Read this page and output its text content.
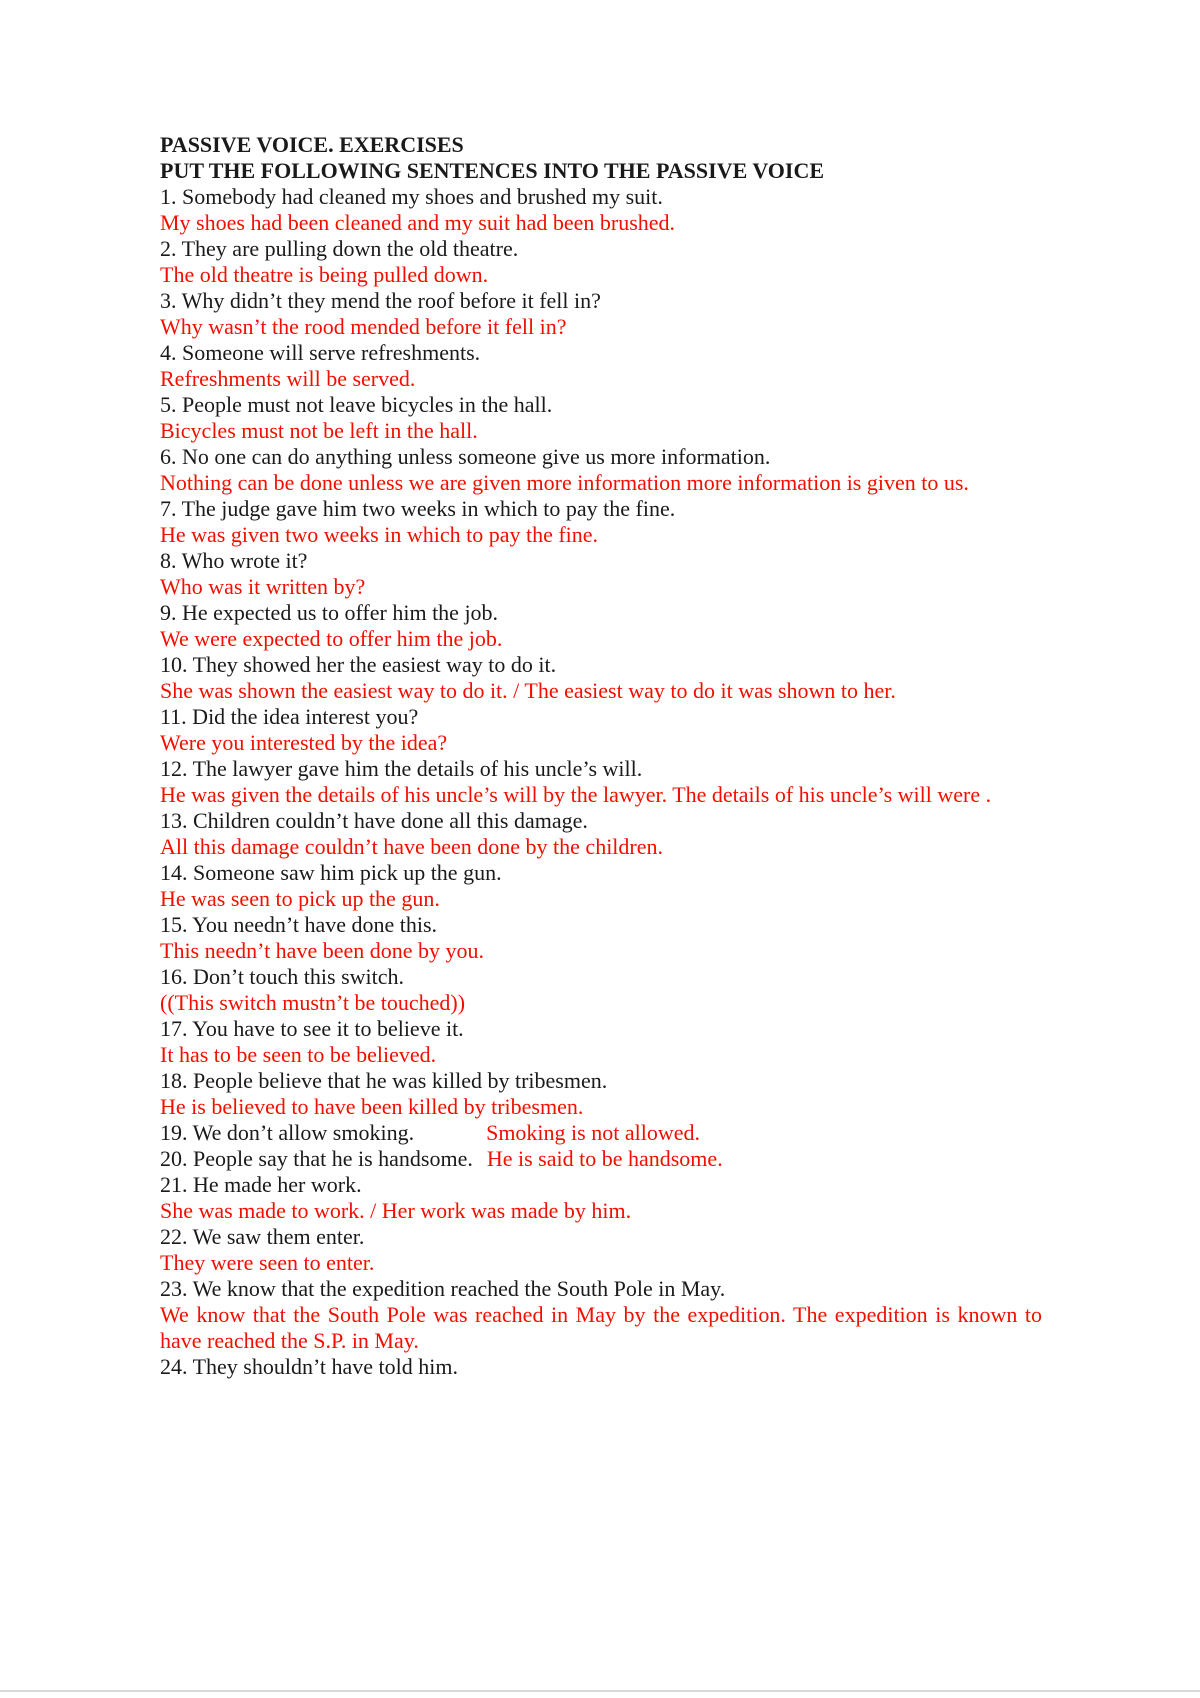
PASSIVE VOICE. EXERCISES
PUT THE FOLLOWING SENTENCES INTO THE PASSIVE VOICE

1. Somebody had cleaned my shoes and brushed my suit.

My shoes had been cleaned and my suit had been brushed.

2. They are pulling down the old theatre.

The old theatre is being pulled down.

3. Why didn’t they mend the roof before it fell in?

Why wasn’t the rood mended before it fell in?

4. Someone will serve refreshments.

Refreshments will be served.

5. People must not leave bicycles in the hall.

Bicycles must not be left in the hall.

6. No one can do anything unless someone give us more information.

Nothing can be done unless we are given more information more information is given to us.

7. The judge gave him two weeks in which to pay the fine.

He was given two weeks in which to pay the fine.

8. Who wrote it?

Who was it written by?

9. He expected us to offer him the job.

We were expected to offer him the job.

10. They showed her the easiest way to do it.

She was shown the easiest way to do it. / The easiest way to do it was shown to her.

11. Did the idea interest you?

Were you interested by the idea?

12. The lawyer gave him the details of his uncle’s will.

He was given the details of his uncle’s will by the lawyer. The details of his uncle’s will were .

13. Children couldn’t have done all this damage.

All this damage couldn’t have been done by the children.

14. Someone saw him pick up the gun.

He was seen to pick up the gun.

15. You needn’t have done this.

This needn’t have been done by you.

16. Don’t touch this switch.

((This switch mustn’t be touched))

17. You have to see it to believe it.

It has to be seen to be believed.

18. People believe that he was killed by tribesmen.

He is believed to have been killed by tribesmen.

19. We don’t allow smoking.	Smoking is not allowed.

20. People say that he is handsome. He is said to be handsome.

21. He made her work.

She was made to work. / Her work was made by him.

22. We saw them enter.

They were seen to enter.

23. We know that the expedition reached the South Pole in May.

We know that the South Pole was reached in May by the expedition. The expedition is known to have reached the S.P. in May.

24. They shouldn’t have told him.
